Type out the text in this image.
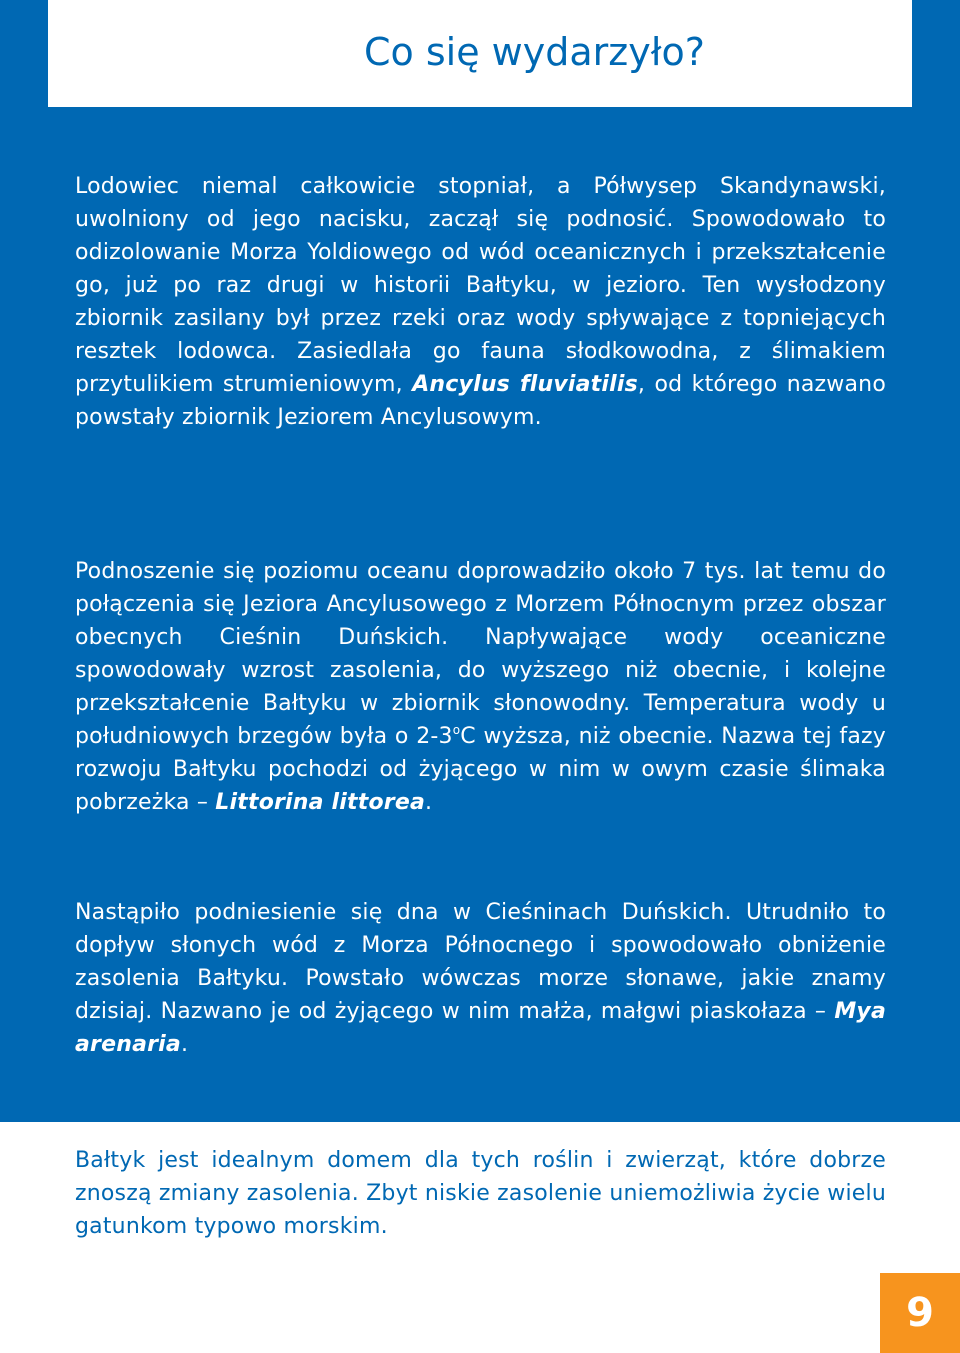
Co się wydarzyło?

Lodowiec niemal całkowicie stopniał, a Półwysep Skandynawski, uwolniony od jego nacisku, zaczął się podnosić. Spowodowało to odizolowanie Morza Yoldiowego od wód oceanicznych i przekształcenie go, już po raz drugi w historii Bałtyku, w jezioro. Ten wysłodzony zbiornik zasilany był przez rzeki oraz wody spływające z topniejących resztek lodowca. Zasiedlała go fauna słodkowodna, z ślimakiem przytulikiem strumieniowym, Ancylus fluviatilis, od którego nazwano powstały zbiornik Jeziorem Ancylusowym.

Podnoszenie się poziomu oceanu doprowadziło około 7 tys. lat temu do połączenia się Jeziora Ancylusowego z Morzem Północnym przez obszar obecnych Cieśnin Duńskich. Napływające wody oceaniczne spowodowały wzrost zasolenia, do wyższego niż obecnie, i kolejne przekształcenie Bałtyku w zbiornik słonowodny. Temperatura wody u południowych brzegów była o 2-3$^o$C wyższa, niż obecnie. Nazwa tej fazy rozwoju Bałtyku pochodzi od żyjącego w nim w owym czasie ślimaka pobrzeżka – Littorina littorea.

Nastąpiło podniesienie się dna w Cieśninach Duńskich. Utrudniło to dopływ słonych wód z Morza Północnego i spowodowało obniżenie zasolenia Bałtyku. Powstało wówczas morze słonawe, jakie znamy dzisiaj. Nazwano je od żyjącego w nim małża, małgwi piaskołaza – Mya arenaria.

Bałtyk jest idealnym domem dla tych roślin i zwierząt, które dobrze znoszą zmiany zasolenia. Zbyt niskie zasolenie uniemożliwia życie wielu gatunkom typowo morskim.

9
